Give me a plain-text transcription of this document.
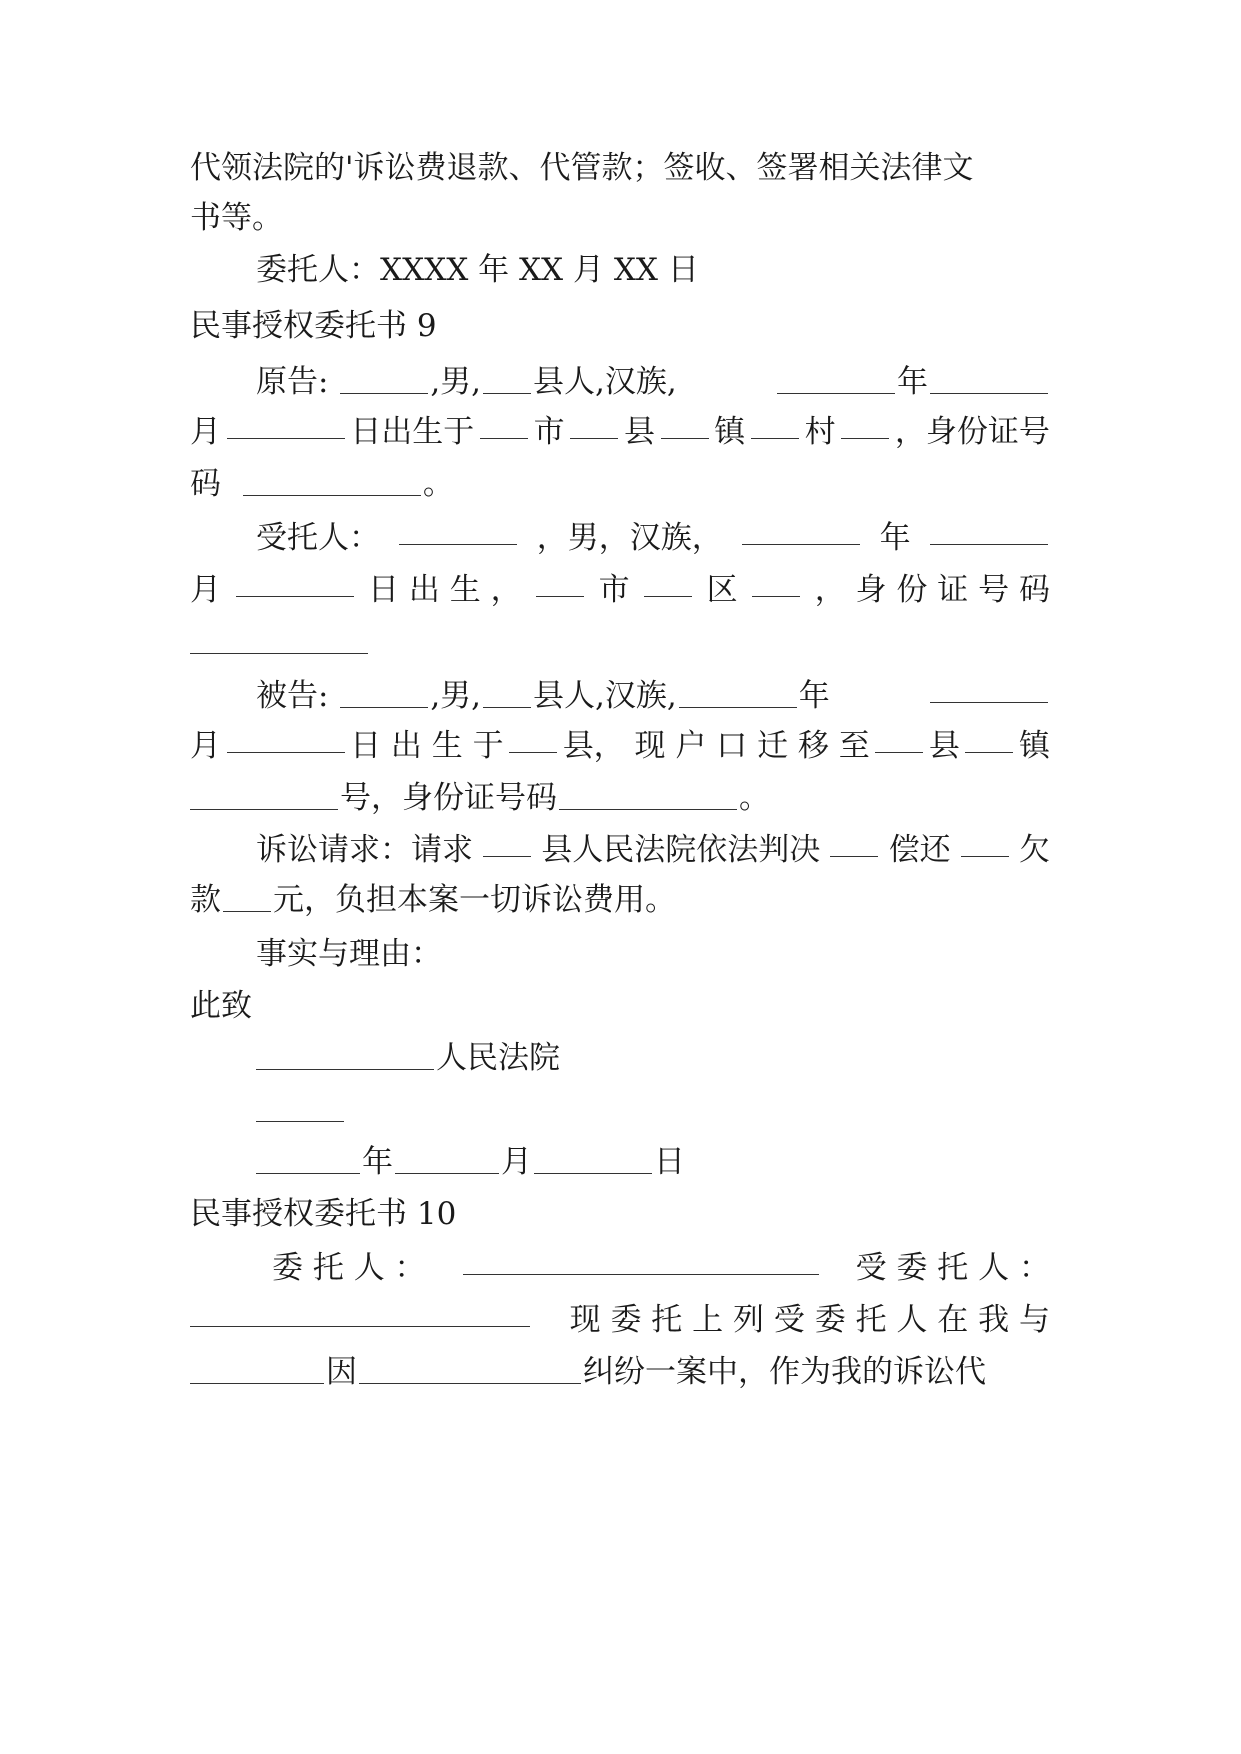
代领法院的'诉讼费退款、代管款；签收、签署相关法律文
书等。
委托人：XXXX 年 XX 月 XX 日
民事授权委托书 9
原告:	,男, 县人,汉族,	年
月	日出生于 市 县 镇 村 ，身份证号
码	。
受托人：	，男，汉族，	年
月	日 出 生 ， 市 区 ， 身 份 证 号 码
被告:	,男, 县人,汉族,	年
月	日 出 生 于 县， 现 户 口 迁 移 至 县 镇
号，身份证号码	。
诉讼请求：请求 县人民法院依法判决 偿还 欠
款 元，负担本案一切诉讼费用。
事实与理由：
此致
人民法院
年	月	日
民事授权委托书 10
委 托 人 ：	受 委 托 人 ：
现 委 托 上 列 受 委 托 人 在 我 与
因	纠纷一案中，作为我的诉讼代
